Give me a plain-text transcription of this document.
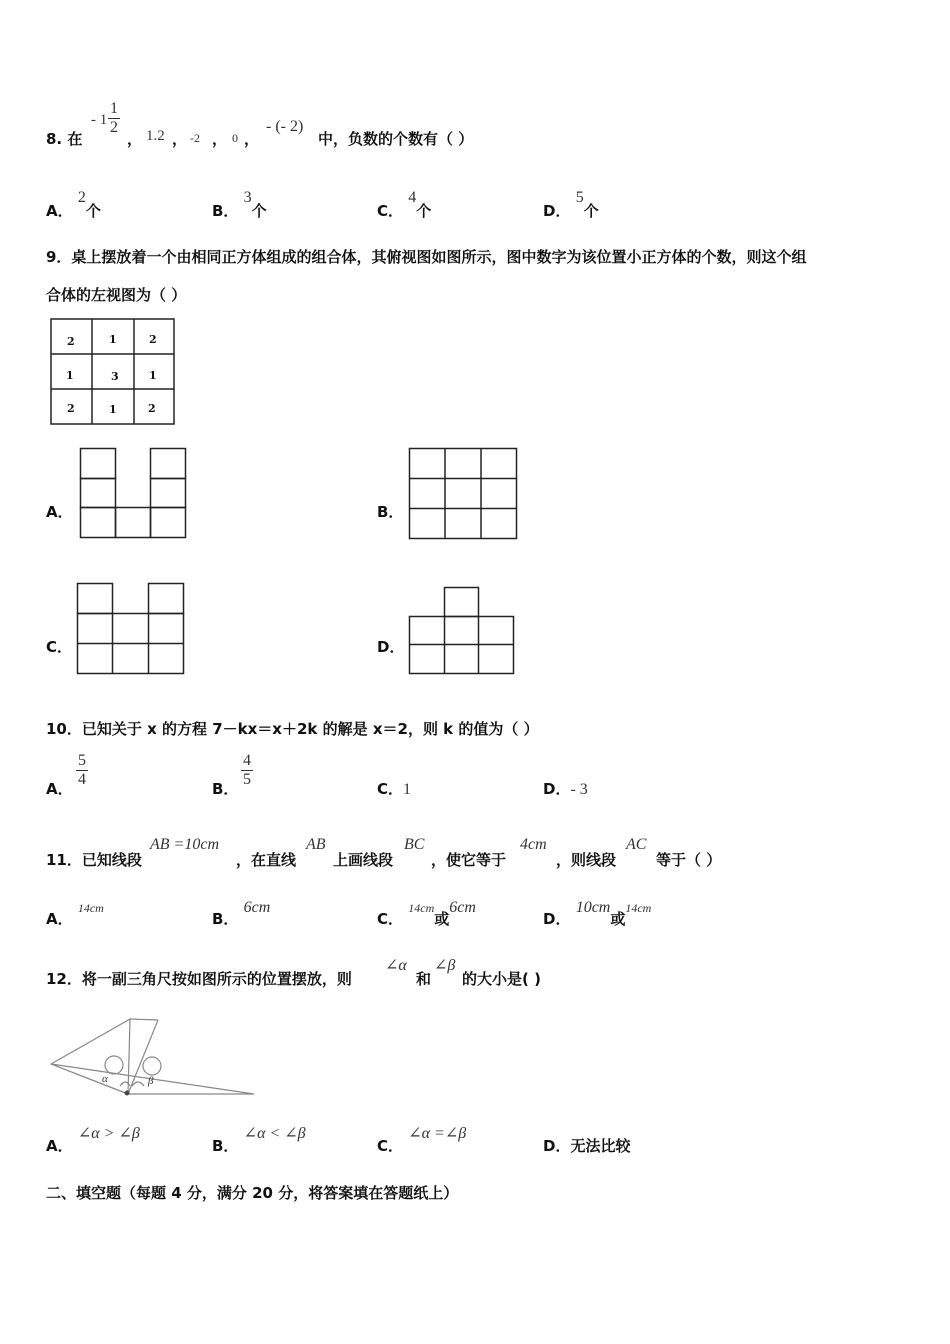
8. 在
- $1 \frac{1}{2}$
， 1.2 ， -2 ， 0 ，
- (- 2)
中，负数的个数有（ ）
A． 2个	B． 3个	C． 4个	D． 5个
9．桌上摆放着一个由相同正方体组成的组合体，其俯视图如图所示，图中数字为该位置小正方体的个数，则这个组
合体的左视图为（ ）
2	1	2
1	3	1
2	1	2
A．	B．
C．	D．
10．已知关于 x 的方程 7－kx＝x＋2k 的解是 x＝2，则 k 的值为（ ）
A． $\frac{5}{4}$	B． $\frac{4}{5}$	C．1	D．- 3
11．已知线段
AB =10cm
，在直线
AB
上画线段
BC
，使它等于
4cm
，则线段
AC
等于（ ）
A． $^{14cm}$
B． 6cm
C． $^{14cm}$或6cm
D． 10cm或$^{14cm}$
12．将一副三角尺按如图所示的位置摆放，则
∠α
和
∠β
的大小是( )
α	β
A． ∠α > ∠β
B． ∠α < ∠β
C． ∠α =∠β
D．无法比较
二、填空题（每题 4 分，满分 20 分，将答案填在答题纸上）
